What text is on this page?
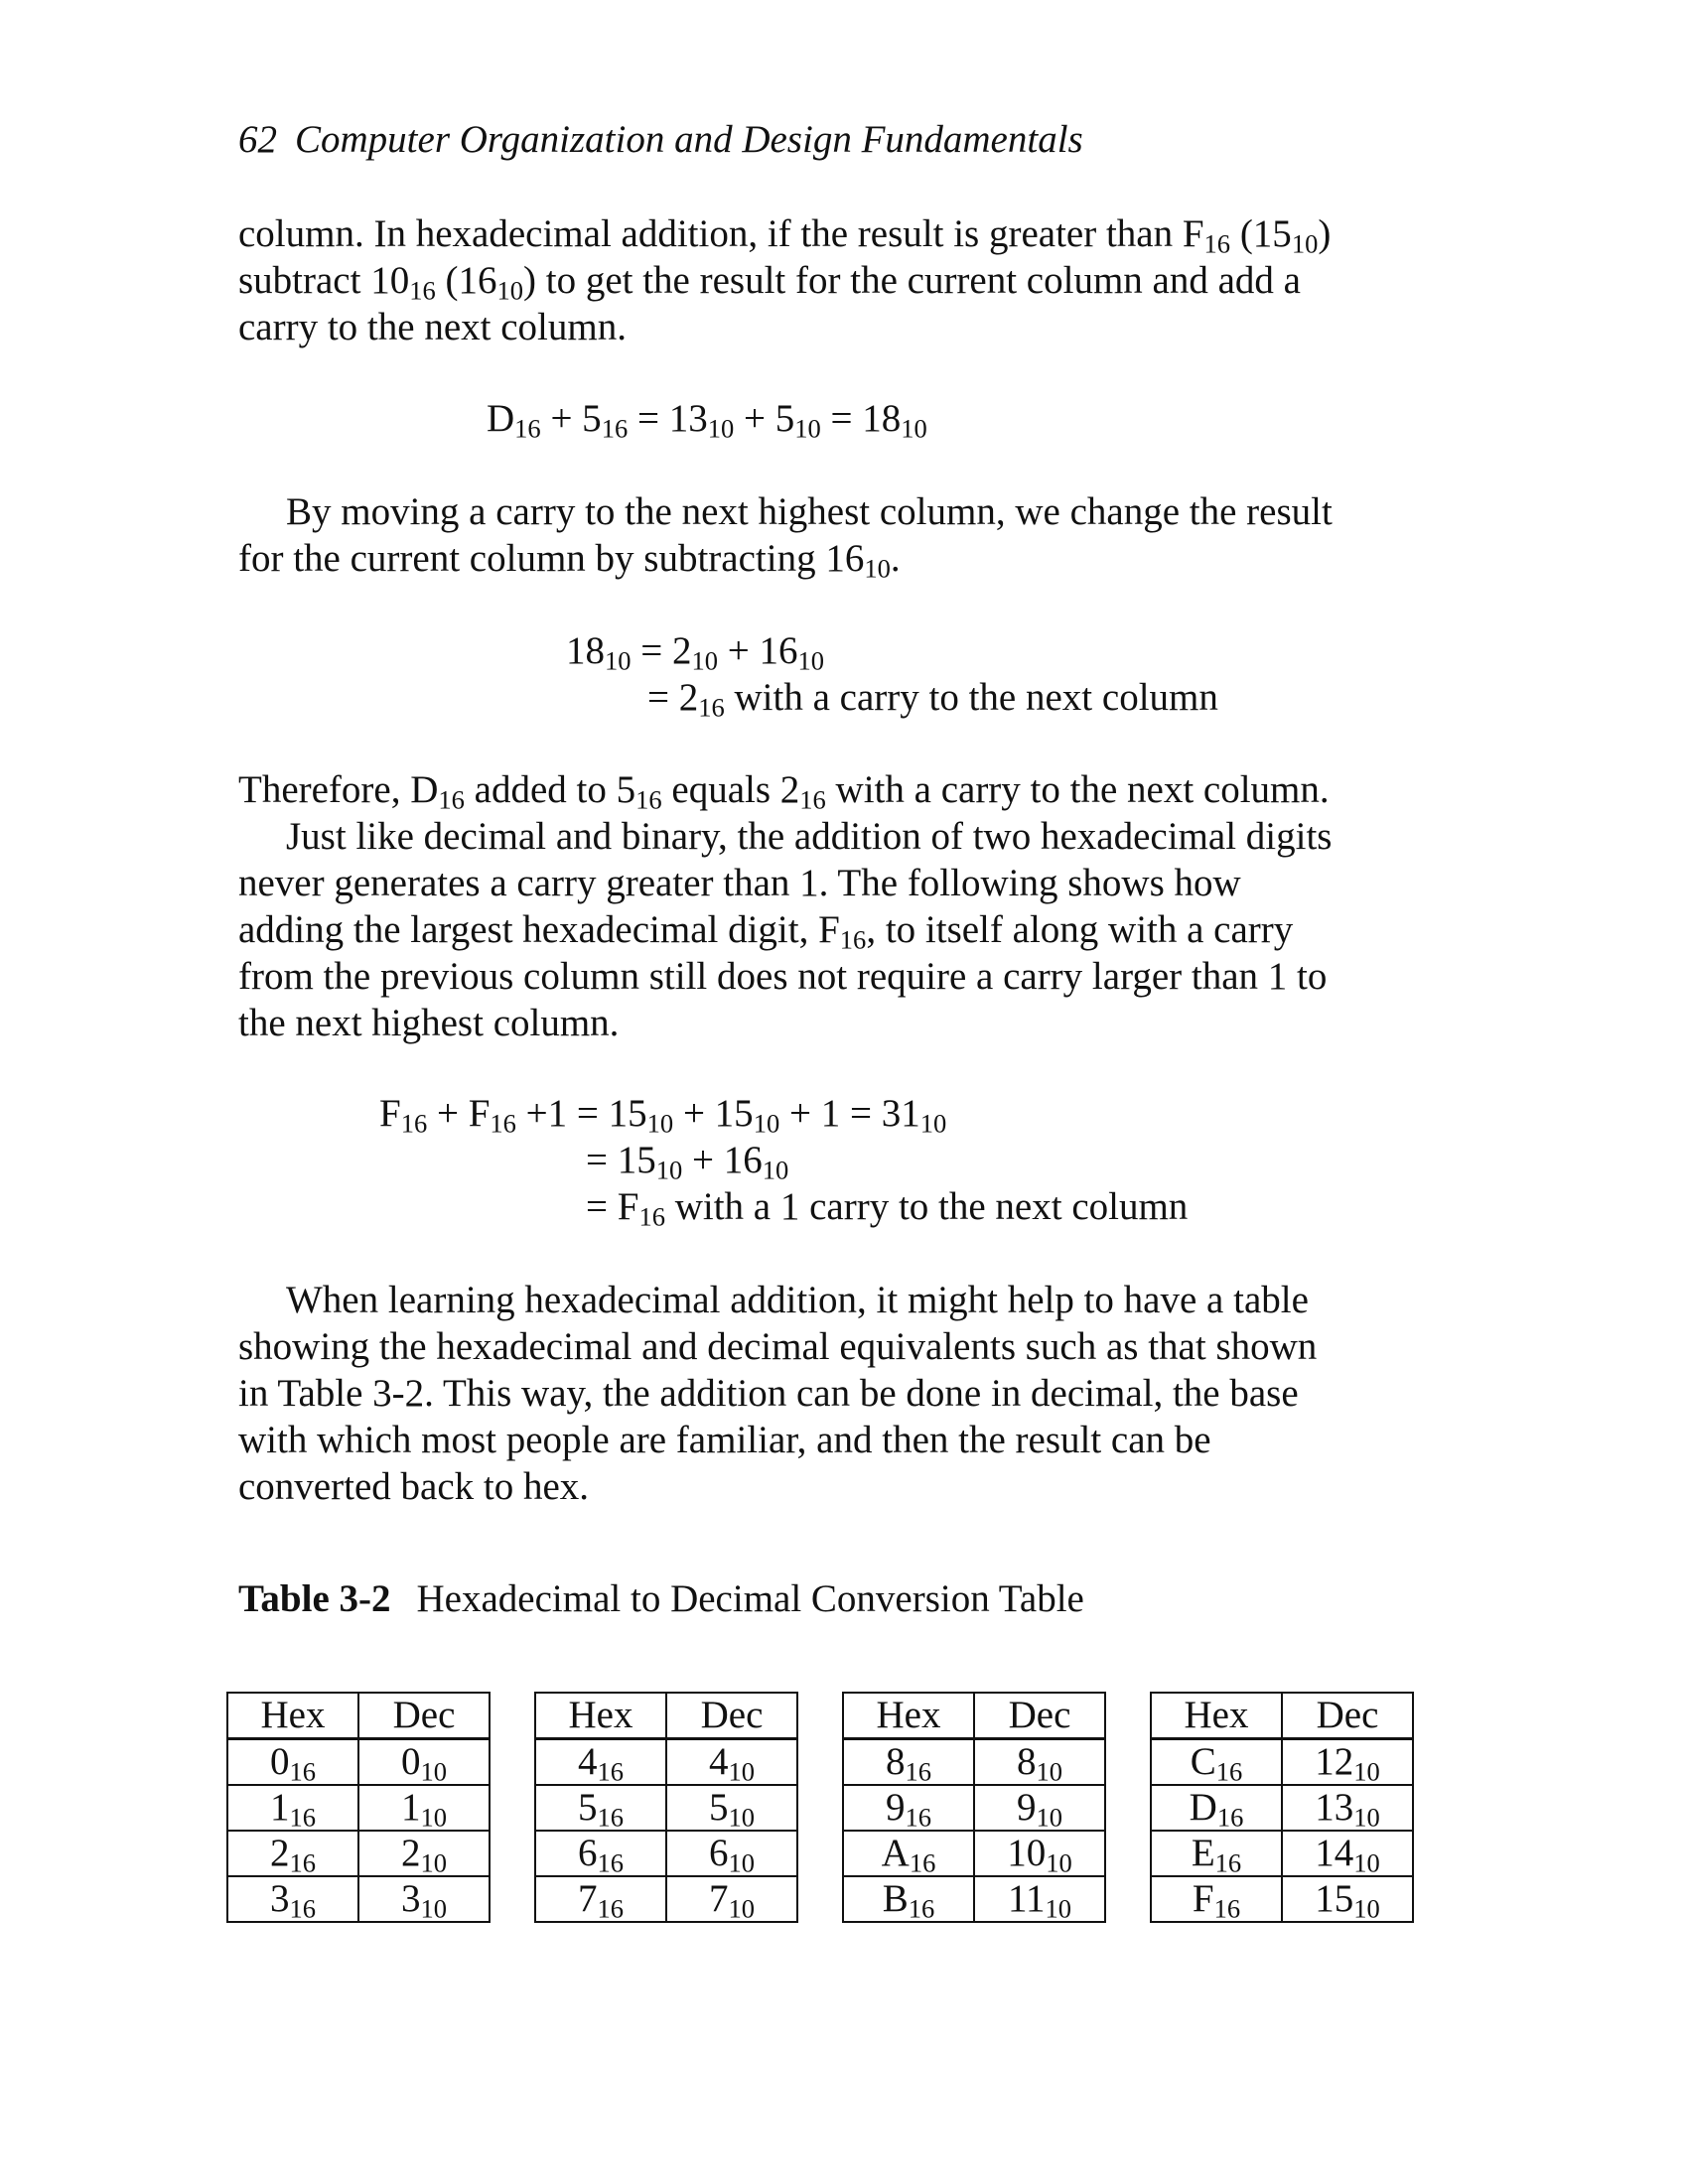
62 Computer Organization and Design Fundamentals

column. In hexadecimal addition, if the result is greater than $F_{16}$ $(15_{10})$
subtract $10_{16}$ $(16_{10})$ to get the result for the current column and add a
carry to the next column.

$D_{16} + 5_{16} = 13_{10} + 5_{10} = 18_{10}$

By moving a carry to the next highest column, we change the result
for the current column by subtracting $16_{10}$.

$18_{10} = 2_{10} + 16_{10}$
= $2_{16}$ with a carry to the next column

Therefore, $D_{16}$ added to $5_{16}$ equals $2_{16}$ with a carry to the next column.

Just like decimal and binary, the addition of two hexadecimal digits
never generates a carry greater than 1. The following shows how
adding the largest hexadecimal digit, $F_{16}$, to itself along with a carry
from the previous column still does not require a carry larger than 1 to
the next highest column.

$F_{16} + F_{16} +1 = 15_{10} + 15_{10} + 1 = 31_{10}$
= $15_{10} + 16_{10}$
= $F_{16}$ with a 1 carry to the next column

When learning hexadecimal addition, it might help to have a table
showing the hexadecimal and decimal equivalents such as that shown
in Table 3-2. This way, the addition can be done in decimal, the base
with which most people are familiar, and then the result can be
converted back to hex.

Table 3-2 Hexadecimal to Decimal Conversion Table
Hex	Dec
$0_{16}$	$0_{10}$
$1_{16}$	$1_{10}$
$2_{16}$	$2_{10}$
$3_{16}$	$3_{10}$
Hex	Dec
$4_{16}$	$4_{10}$
$5_{16}$	$5_{10}$
$6_{16}$	$6_{10}$
$7_{16}$	$7_{10}$
Hex	Dec
$8_{16}$	$8_{10}$
$9_{16}$	$9_{10}$
$A_{16}$	$10_{10}$
$B_{16}$	$11_{10}$
Hex	Dec
$C_{16}$	$12_{10}$
$D_{16}$	$13_{10}$
$E_{16}$	$14_{10}$
$F_{16}$	$15_{10}$
